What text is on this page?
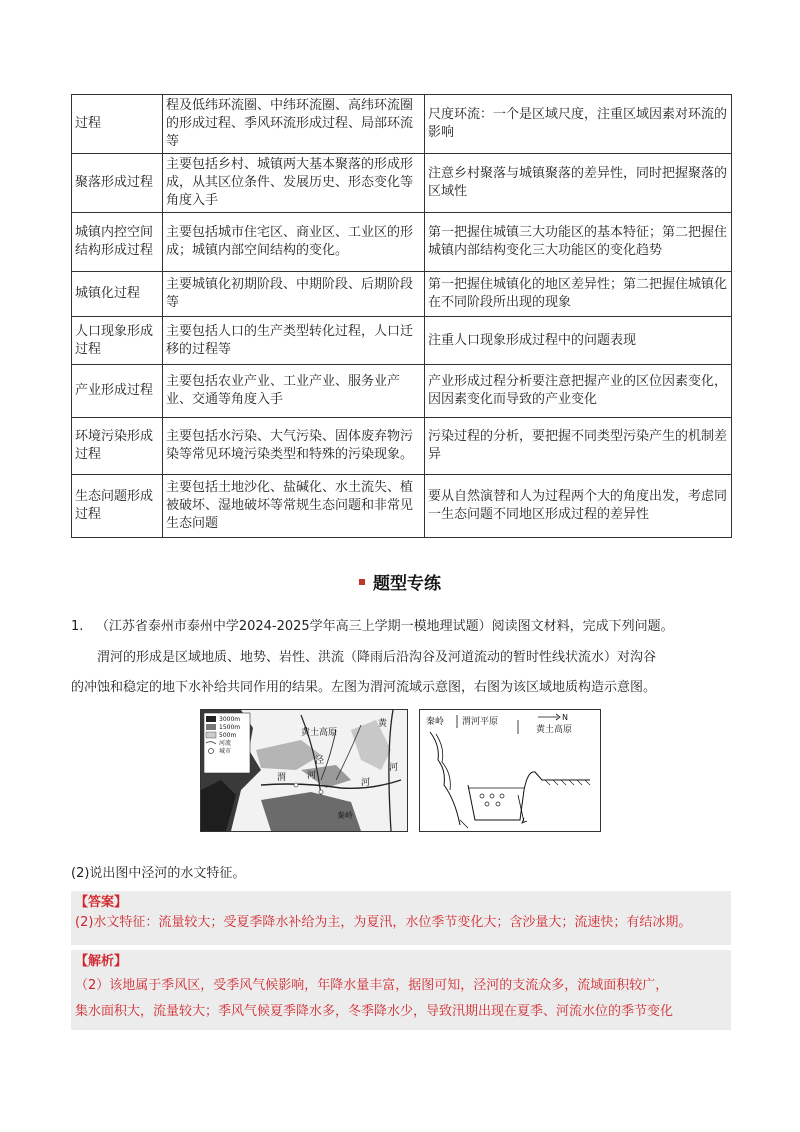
过程	程及低纬环流圈、中纬环流圈、高纬环流圈的形成过程、季风环流形成过程、局部环流等	尺度环流：一个是区域尺度，注重区域因素对环流的影响
聚落形成过程	主要包括乡村、城镇两大基本聚落的形成形成，从其区位条件、发展历史、形态变化等角度入手	注意乡村聚落与城镇聚落的差异性，同时把握聚落的区域性
城镇内控空间结构形成过程	主要包括城市住宅区、商业区、工业区的形成；城镇内部空间结构的变化。	第一把握住城镇三大功能区的基本特征；第二把握住城镇内部结构变化三大功能区的变化趋势
城镇化过程	主要城镇化初期阶段、中期阶段、后期阶段等	第一把握住城镇化的地区差异性；第二把握住城镇化在不同阶段所出现的现象
人口现象形成过程	主要包括人口的生产类型转化过程，人口迁移的过程等	注重人口现象形成过程中的问题表现
产业形成过程	主要包括农业产业、工业产业、服务业产业、交通等角度入手	产业形成过程分析要注意把握产业的区位因素变化，因因素变化而导致的产业变化
环境污染形成过程	主要包括水污染、大气污染、固体废弃物污染等常见环境污染类型和特殊的污染现象。	污染过程的分析，要把握不同类型污染产生的机制差异
生态问题形成过程	主要包括土地沙化、盐碱化、水土流失、植被破坏、湿地破坏等常规生态问题和非常见生态问题	要从自然演替和人为过程两个大的角度出发，考虑同一生态问题不同地区形成过程的差异性
题型专练
1. （江苏省泰州市泰州中学2024-2025学年高三上学期一模地理试题）阅读图文材料，完成下列问题。
渭河的形成是区域地质、地势、岩性、洪流（降雨后沿沟谷及河道流动的暂时性线状流水）对沟谷
的冲蚀和稳定的地下水补给共同作用的结果。左图为渭河流域示意图，右图为该区域地质构造示意图。
3000m
1500m
500m
河流
城市
黄土高原
黄
河
泾
河
渭	河
秦岭
秦岭 渭河平原	N
黄土高原
(2)说出图中泾河的水文特征。
【答案】
(2)水文特征：流量较大；受夏季降水补给为主，为夏汛，水位季节变化大；含沙量大；流速快；有结冰期。
【解析】
（2）该地属于季风区，受季风气候影响，年降水量丰富，据图可知，泾河的支流众多，流域面积较广，
集水面积大，流量较大；季风气候夏季降水多，冬季降水少，导致汛期出现在夏季、河流水位的季节变化
